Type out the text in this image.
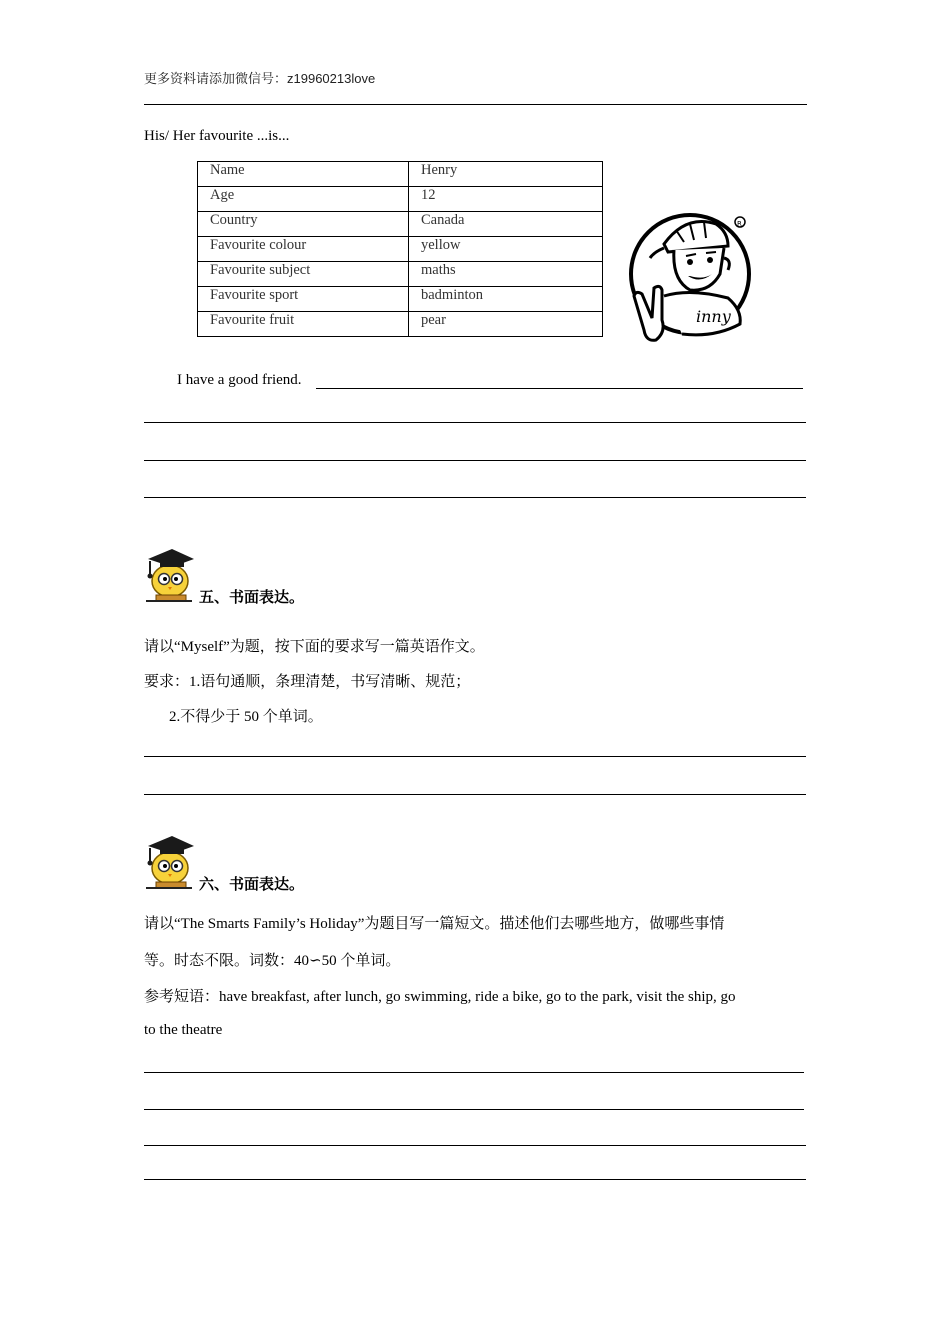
更多资料请添加微信号：z19960213love
His/ Her favourite ...is...
Name	Henry
Age	12
Country	Canada
Favourite colour	yellow
Favourite subject	maths
Favourite sport	badminton
Favourite fruit	pear	inny
R
I have a good friend.
五、书面表达。
请以“Myself”为题，按下面的要求写一篇英语作文。
要求：1.语句通顺，条理清楚，书写清晰、规范；
2.不得少于 50 个单词。
六、书面表达。
请以“The Smarts Family’s Holiday”为题目写一篇短文。描述他们去哪些地方，做哪些事情
等。时态不限。词数：40∽50 个单词。
参考短语：have breakfast, after lunch, go swimming, ride a bike, go to the park, visit the ship, go
to the theatre
